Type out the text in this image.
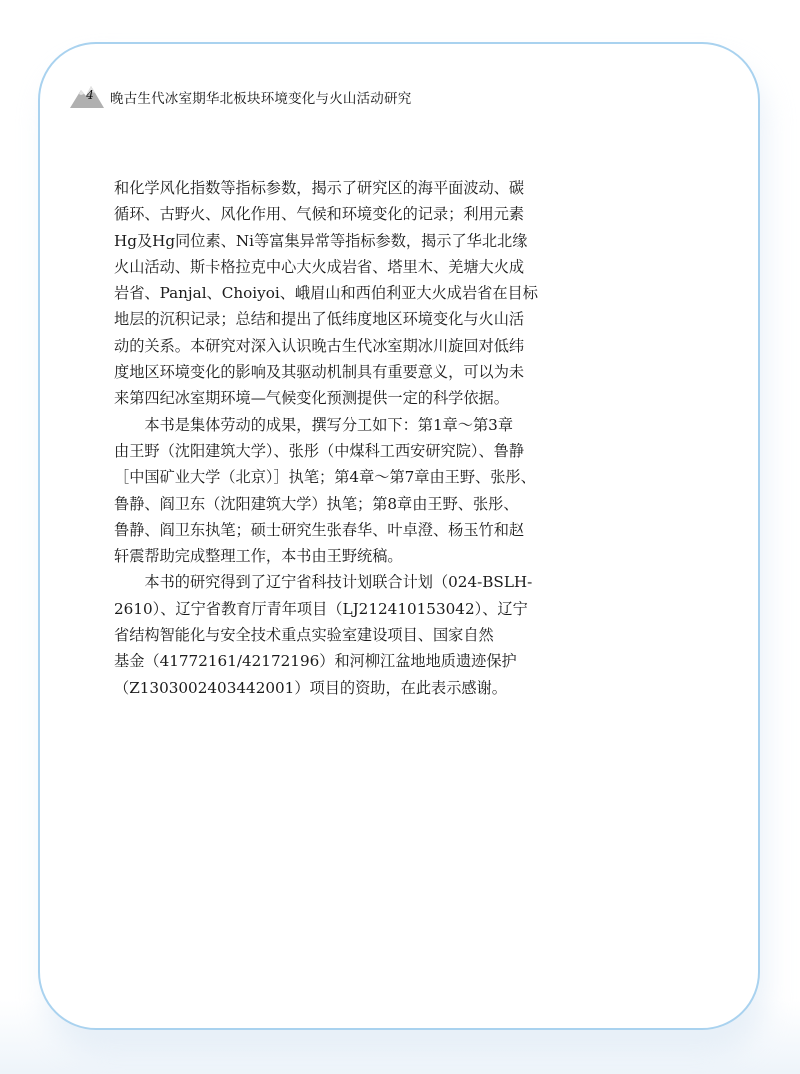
4	晚古生代冰室期华北板块环境变化与火山活动研究

和化学风化指数等指标参数，揭示了研究区的海平面波动、碳
循环、古野火、风化作用、气候和环境变化的记录；利用元素
Hg及Hg同位素、Ni等富集异常等指标参数，揭示了华北北缘
火山活动、斯卡格拉克中心大火成岩省、塔里木、羌塘大火成
岩省、Panjal、Choiyoi、峨眉山和西伯利亚大火成岩省在目标
地层的沉积记录；总结和提出了低纬度地区环境变化与火山活
动的关系。本研究对深入认识晚古生代冰室期冰川旋回对低纬
度地区环境变化的影响及其驱动机制具有重要意义，可以为未
来第四纪冰室期环境—气候变化预测提供一定的科学依据。

本书是集体劳动的成果，撰写分工如下：第1章～第3章
由王野（沈阳建筑大学）、张彤（中煤科工西安研究院）、鲁静
［中国矿业大学（北京）］执笔；第4章～第7章由王野、张彤、
鲁静、阎卫东（沈阳建筑大学）执笔；第8章由王野、张彤、
鲁静、阎卫东执笔；硕士研究生张春华、叶卓澄、杨玉竹和赵
轩震帮助完成整理工作，本书由王野统稿。

本书的研究得到了辽宁省科技计划联合计划（024-BSLH-
2610）、辽宁省教育厅青年项目（LJ212410153042）、辽宁
省结构智能化与安全技术重点实验室建设项目、国家自然
基金（41772161/42172196）和河柳江盆地地质遗迹保护
（Z1303002403442001）项目的资助，在此表示感谢。
